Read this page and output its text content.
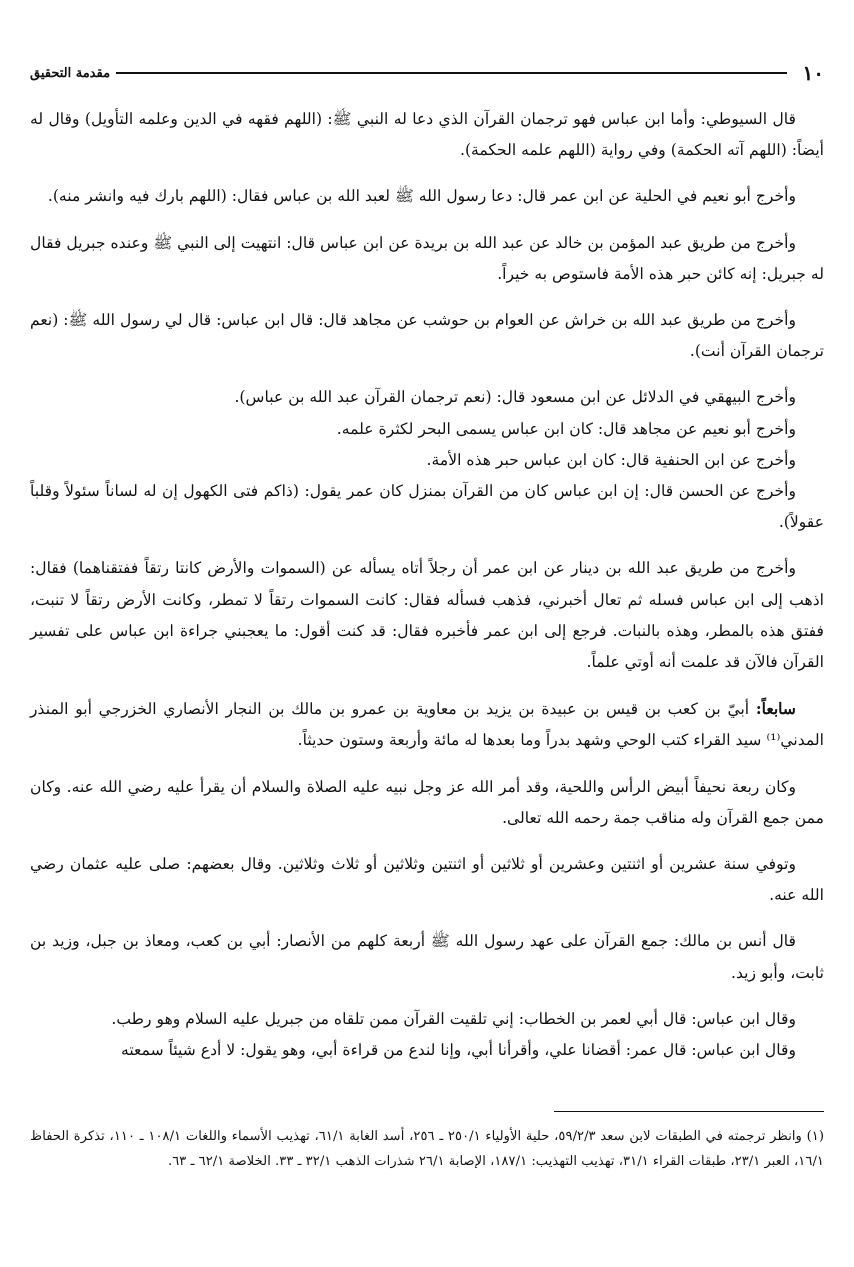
١٠
مقدمة التحقيق

قال السيوطي: وأما ابن عباس فهو ترجمان القرآن الذي دعا له النبي ﷺ: (اللهم فقهه في الدين وعلمه التأويل) وقال له أيضاً: (اللهم آته الحكمة) وفي رواية (اللهم علمه الحكمة).

وأخرج أبو نعيم في الحلية عن ابن عمر قال: دعا رسول الله ﷺ لعبد الله بن عباس فقال: (اللهم بارك فيه وانشر منه).

وأخرج من طريق عبد المؤمن بن خالد عن عبد الله بن بريدة عن ابن عباس قال: انتهيت إلى النبي ﷺ وعنده جبريل فقال له جبريل: إنه كائن حبر هذه الأمة فاستوص به خيراً.

وأخرج من طريق عبد الله بن خراش عن العوام بن حوشب عن مجاهد قال: قال ابن عباس: قال لي رسول الله ﷺ: (نعم ترجمان القرآن أنت).

وأخرج البيهقي في الدلائل عن ابن مسعود قال: (نعم ترجمان القرآن عبد الله بن عباس).

وأخرج أبو نعيم عن مجاهد قال: كان ابن عباس يسمى البحر لكثرة علمه.

وأخرج عن ابن الحنفية قال: كان ابن عباس حبر هذه الأمة.

وأخرج عن الحسن قال: إن ابن عباس كان من القرآن بمنزل كان عمر يقول: (ذاكم فتى الكهول إن له لساناً سئولاً وقلباً عقولاً).

وأخرج من طريق عبد الله بن دينار عن ابن عمر أن رجلاً أتاه يسأله عن (السموات والأرض كانتا رتقاً ففتقناهما) فقال: اذهب إلى ابن عباس فسله ثم تعال أخبرني، فذهب فسأله فقال: كانت السموات رتقاً لا تمطر، وكانت الأرض رتقاً لا تنبت، ففتق هذه بالمطر، وهذه بالنبات. فرجع إلى ابن عمر فأخبره فقال: قد كنت أقول: ما يعجبني جراءة ابن عباس على تفسير القرآن فالآن قد علمت أنه أوتي علماً.

سابعاً: أبيّ بن كعب بن قيس بن عبيدة بن يزيد بن معاوية بن عمرو بن مالك بن النجار الأنصاري الخزرجي أبو المنذر المدني⁽¹⁾ سيد القراء كتب الوحي وشهد بدراً وما بعدها له مائة وأربعة وستون حديثاً.

وكان ربعة نحيفاً أبيض الرأس واللحية، وقد أمر الله عز وجل نبيه عليه الصلاة والسلام أن يقرأ عليه رضي الله عنه. وكان ممن جمع القرآن وله مناقب جمة رحمه الله تعالى.

وتوفي سنة عشرين أو اثنتين وعشرين أو ثلاثين أو اثنتين وثلاثين أو ثلاث وثلاثين. وقال بعضهم: صلى عليه عثمان رضي الله عنه.

قال أنس بن مالك: جمع القرآن على عهد رسول الله ﷺ أربعة كلهم من الأنصار: أبي بن كعب، ومعاذ بن جبل، وزيد بن ثابت، وأبو زيد.

وقال ابن عباس: قال أبي لعمر بن الخطاب: إني تلقيت القرآن ممن تلقاه من جبريل عليه السلام وهو رطب.

وقال ابن عباس: قال عمر: أقضانا علي، وأقرأنا أبي، وإنا لندع من قراءة أبي، وهو يقول: لا أدع شيئاً سمعته

(١) وانظر ترجمته في الطبقات لابن سعد ٥٩/٢/٣، حلية الأولياء ٢٥٠/١ ـ ٢٥٦، أسد الغابة ٦١/١، تهذيب الأسماء واللغات ١٠٨/١ ـ ١١٠، تذكرة الحفاظ ١٦/١، العبر ٢٣/١، طبقات القراء ٣١/١، تهذيب التهذيب: ١٨٧/١، الإصابة ٢٦/١ شذرات الذهب ٣٢/١ ـ ٣٣. الخلاصة ٦٢/١ ـ ٦٣.
